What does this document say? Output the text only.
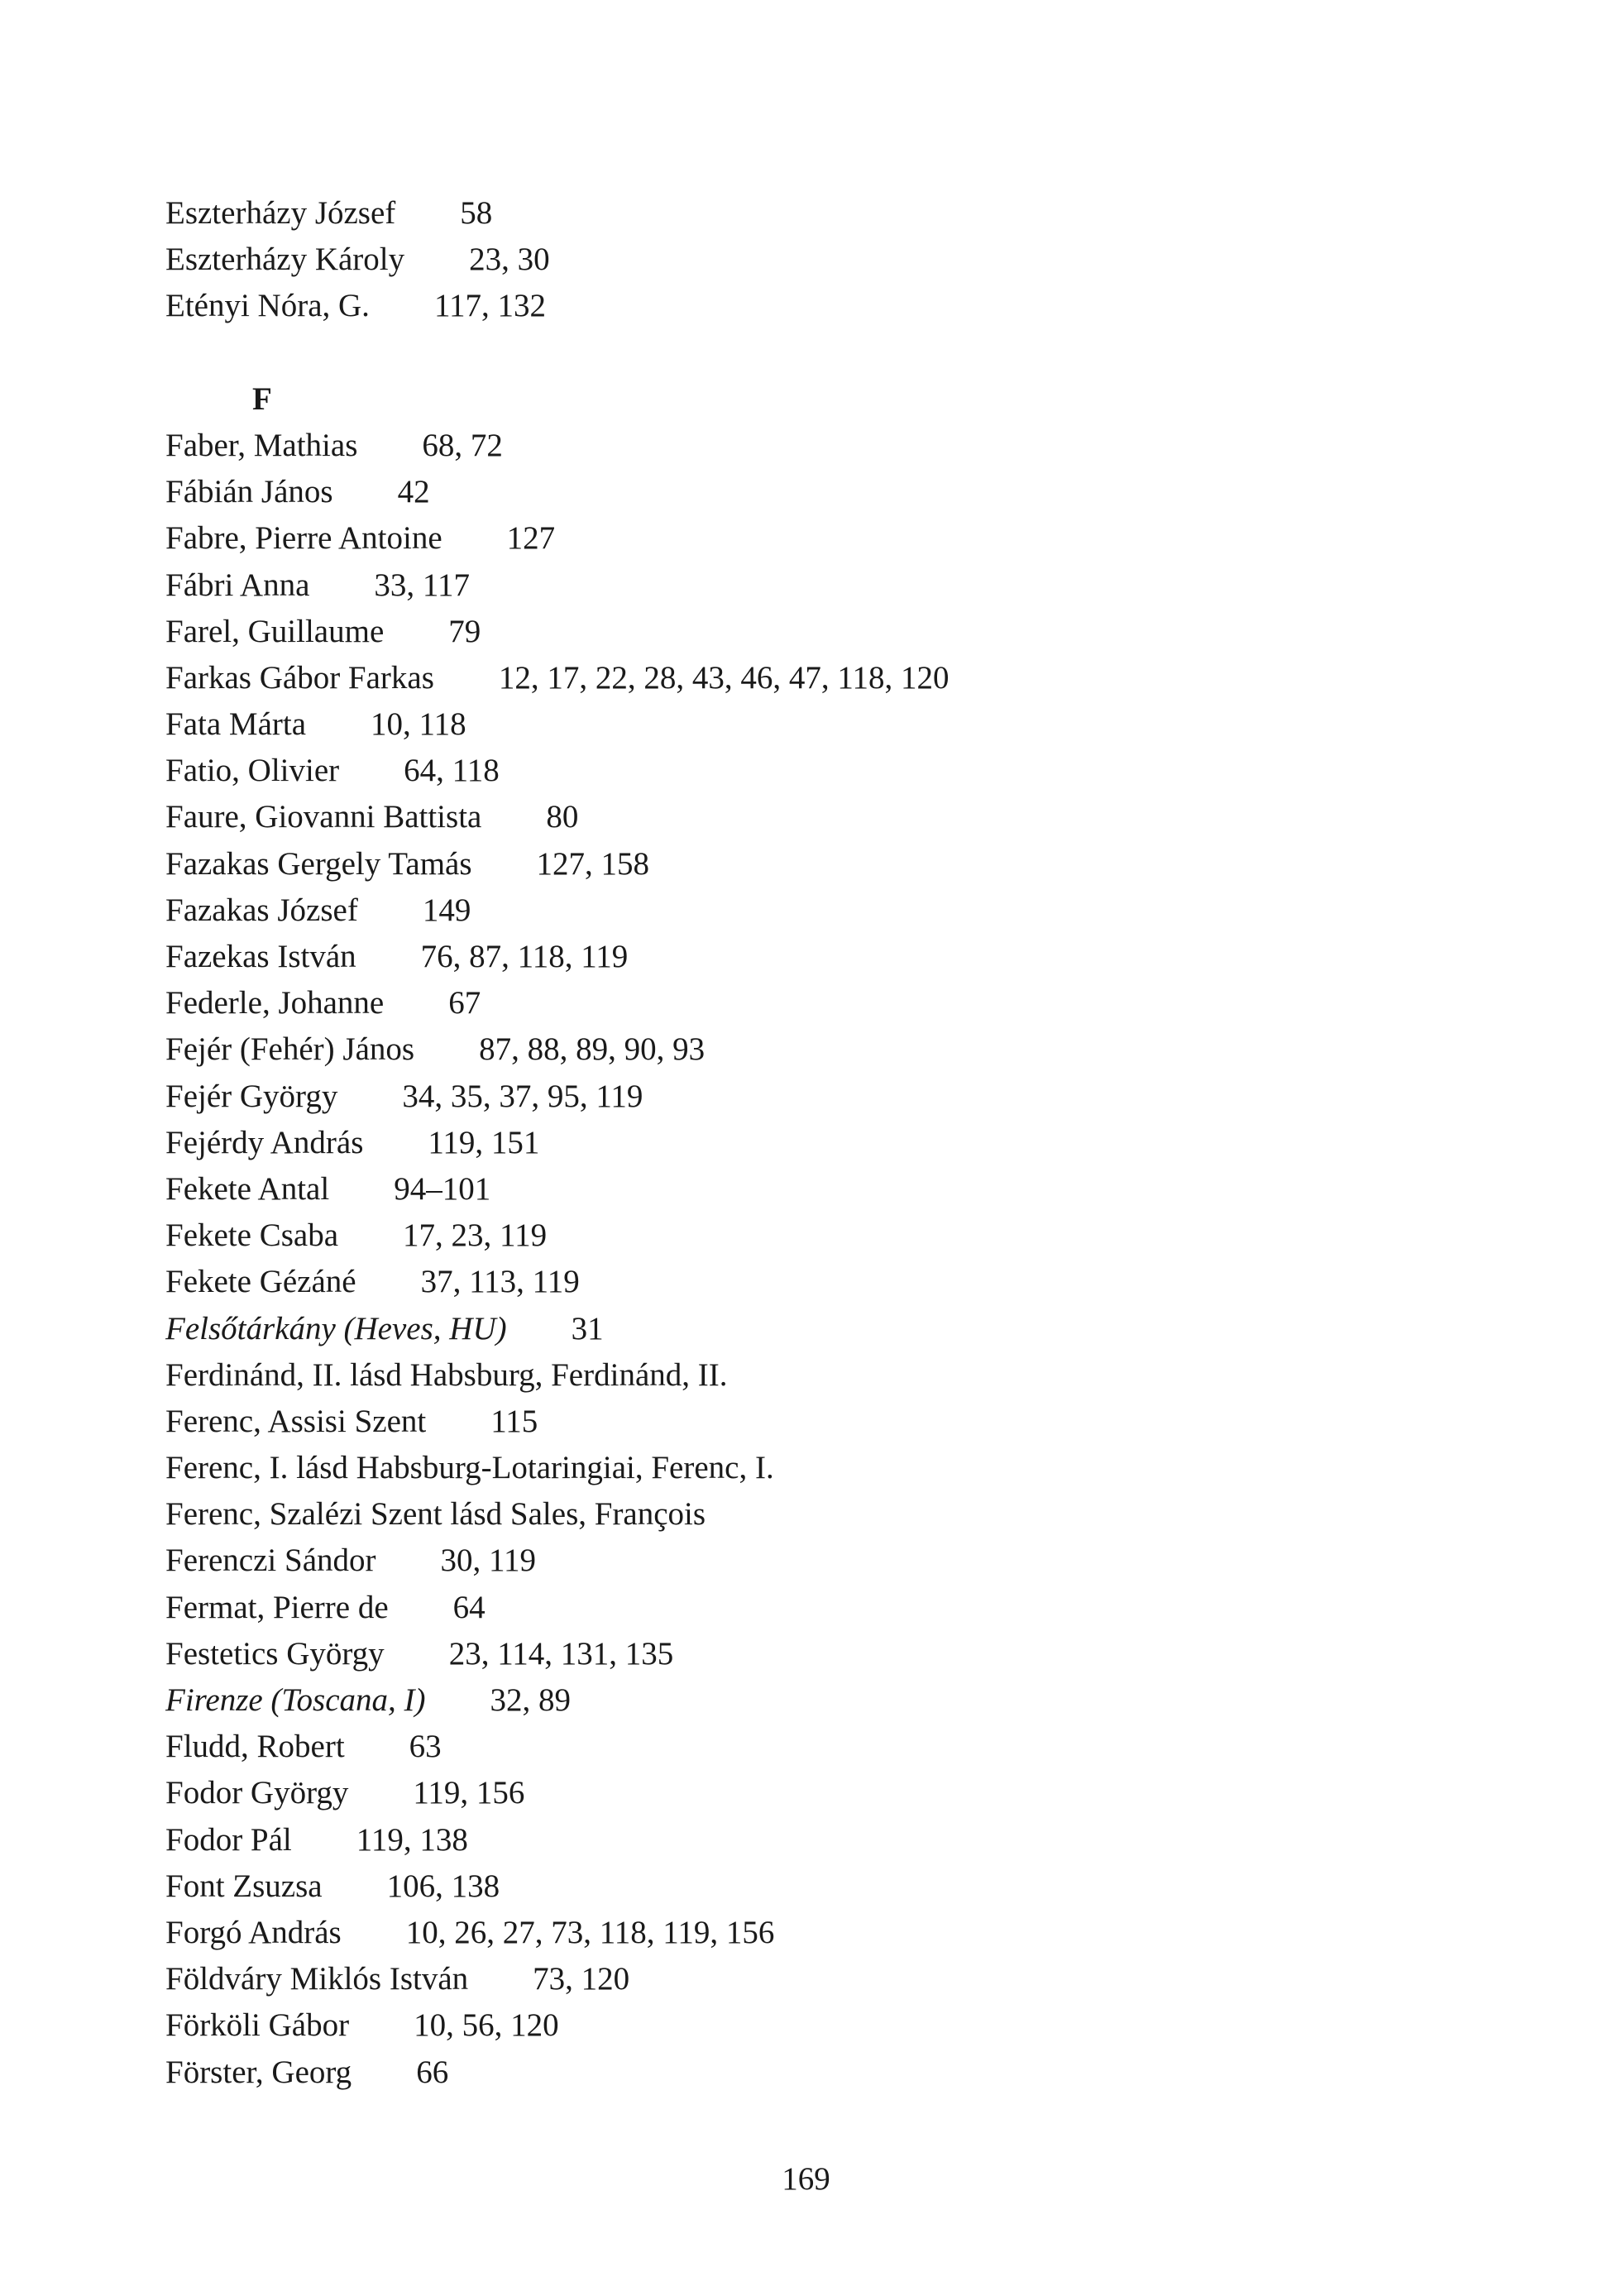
Eszterházy József 58
Eszterházy Károly 23, 30
Etényi Nóra, G. 117, 132
F
Faber, Mathias 68, 72
Fábián János 42
Fabre, Pierre Antoine 127
Fábri Anna 33, 117
Farel, Guillaume 79
Farkas Gábor Farkas 12, 17, 22, 28, 43, 46, 47, 118, 120
Fata Márta 10, 118
Fatio, Olivier 64, 118
Faure, Giovanni Battista 80
Fazakas Gergely Tamás 127, 158
Fazakas József 149
Fazekas István 76, 87, 118, 119
Federle, Johanne 67
Fejér (Fehér) János 87, 88, 89, 90, 93
Fejér György 34, 35, 37, 95, 119
Fejérdy András 119, 151
Fekete Antal 94–101
Fekete Csaba 17, 23, 119
Fekete Gézáné 37, 113, 119
Felsőtárkány (Heves, HU) 31
Ferdinánd, II. lásd Habsburg, Ferdinánd, II.
Ferenc, Assisi Szent 115
Ferenc, I. lásd Habsburg-Lotaringiai, Ferenc, I.
Ferenc, Szalézi Szent lásd Sales, François
Ferenczi Sándor 30, 119
Fermat, Pierre de 64
Festetics György 23, 114, 131, 135
Firenze (Toscana, I) 32, 89
Fludd, Robert 63
Fodor György 119, 156
Fodor Pál 119, 138
Font Zsuzsa 106, 138
Forgó András 10, 26, 27, 73, 118, 119, 156
Földváry Miklós István 73, 120
Förköli Gábor 10, 56, 120
Förster, Georg 66
169
